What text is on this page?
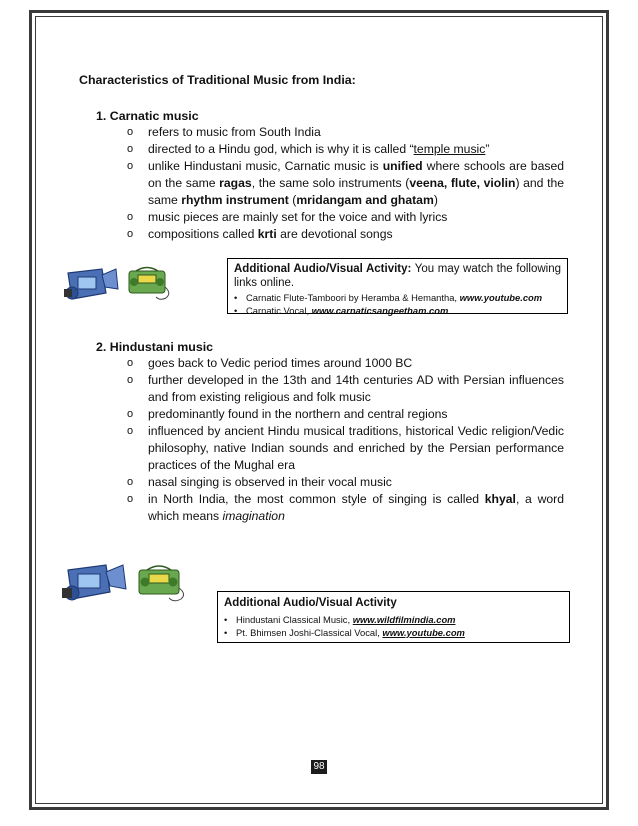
Characteristics of Traditional Music from India:
1. Carnatic music
o refers to music from South India
o directed to a Hindu god, which is why it is called “temple music”
o unlike Hindustani music, Carnatic music is unified where schools are based on the same ragas, the same solo instruments (veena, flute, violin) and the same rhythm instrument (mridangam and ghatam)
o music pieces are mainly set for the voice and with lyrics
o compositions called krti are devotional songs
Additional Audio/Visual Activity: You may watch the following links online.
• Carnatic Flute-Tamboori by Heramba & Hemantha, www.youtube.com
• Carnatic Vocal, www.carnaticsangeetham.com
2. Hindustani music
o goes back to Vedic period times around 1000 BC
o further developed in the 13th and 14th centuries AD with Persian influences and from existing religious and folk music
o predominantly found in the northern and central regions
o influenced by ancient Hindu musical traditions, historical Vedic religion/Vedic philosophy, native Indian sounds and enriched by the Persian performance practices of the Mughal era
o nasal singing is observed in their vocal music
o in North India, the most common style of singing is called khyal, a word which means imagination
Additional Audio/Visual Activity
• Hindustani Classical Music, www.wildfilmindia.com
• Pt. Bhimsen Joshi-Classical Vocal, www.youtube.com
98
